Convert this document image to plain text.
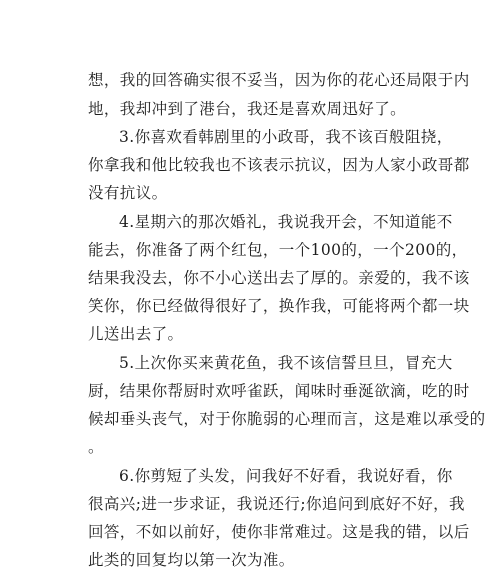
想，我的回答确实很不妥当，因为你的花心还局限于内
地，我却冲到了港台，我还是喜欢周迅好了。
3.你喜欢看韩剧里的小政哥，我不该百般阻挠，
你拿我和他比较我也不该表示抗议，因为人家小政哥都
没有抗议。
4.星期六的那次婚礼，我说我开会，不知道能不
能去，你准备了两个红包，一个100的，一个200的，
结果我没去，你不小心送出去了厚的。亲爱的，我不该
笑你，你已经做得很好了，换作我，可能将两个都一块
儿送出去了。
5.上次你买来黄花鱼，我不该信誓旦旦，冒充大
厨，结果你帮厨时欢呼雀跃，闻味时垂涎欲滴，吃的时
候却垂头丧气，对于你脆弱的心理而言，这是难以承受的
。
6.你剪短了头发，问我好不好看，我说好看，你
很高兴;进一步求证，我说还行;你追问到底好不好，我
回答，不如以前好，使你非常难过。这是我的错，以后
此类的回复均以第一次为准。
